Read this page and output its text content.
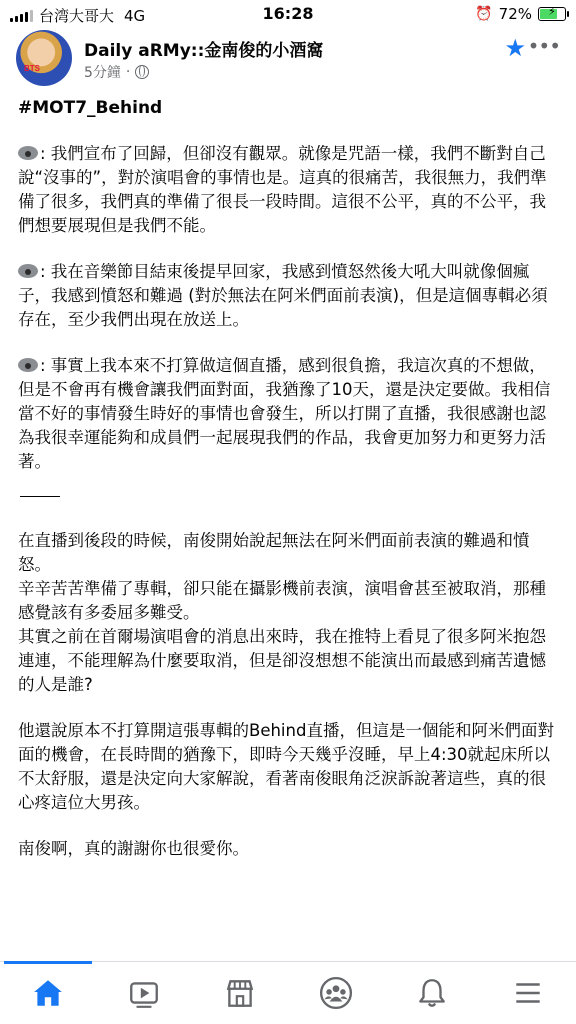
台湾大哥大 4G	16:28	⏰ 72%	⚡
BTS
Daily aRMy::金南俊的小酒窩
5分鐘 ·
★ •••

#MOT7_Behind

: 我們宣布了回歸，但卻沒有觀眾。就像是咒語一樣，我們不斷對自己說“沒事的”，對於演唱會的事情也是。這真的很痛苦，我很無力，我們準備了很多，我們真的準備了很長一段時間。這很不公平，真的不公平，我們想要展現但是我們不能。

: 我在音樂節目結束後提早回家，我感到憤怒然後大吼大叫就像個瘋子，我感到憤怒和難過 (對於無法在阿米們面前表演)，但是這個專輯必須存在，至少我們出現在放送上。

: 事實上我本來不打算做這個直播，感到很負擔，我這次真的不想做，但是不會再有機會讓我們面對面，我猶豫了10天，還是決定要做。我相信當不好的事情發生時好的事情也會發生，所以打開了直播，我很感謝也認為我很幸運能夠和成員們一起展現我們的作品，我會更加努力和更努力活著。

在直播到後段的時候，南俊開始說起無法在阿米們面前表演的難過和憤怒。

辛辛苦苦準備了專輯，卻只能在攝影機前表演，演唱會甚至被取消，那種感覺該有多委屈多難受。

其實之前在首爾場演唱會的消息出來時，我在推特上看見了很多阿米抱怨連連，不能理解為什麼要取消，但是卻沒想想不能演出而最感到痛苦遺憾的人是誰?

他還說原本不打算開這張專輯的Behind直播，但這是一個能和阿米們面對面的機會，在長時間的猶豫下，即時今天幾乎沒睡，早上4:30就起床所以不太舒服，還是決定向大家解說，看著南俊眼角泛淚訴說著這些，真的很心疼這位大男孩。

南俊啊，真的謝謝你也很愛你。
